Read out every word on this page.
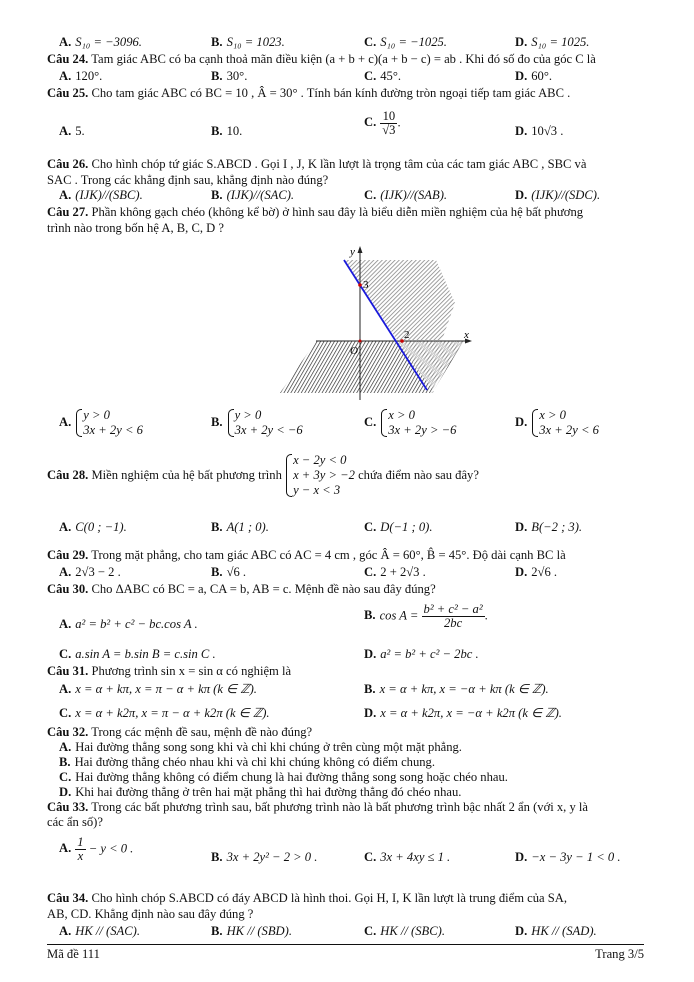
A. S₁₀ = −3096.	B. S₁₀ = 1023.	C. S₁₀ = −1025.	D. S₁₀ = 1025.
Câu 24. Tam giác ABC có ba cạnh thoả mãn điều kiện (a + b + c)(a + b − c) = ab . Khi đó số đo của góc C là
A. 120°.	B. 30°.	C. 45°.	D. 60°.
Câu 25. Cho tam giác ABC có BC = 10 , Â = 30° . Tính bán kính đường tròn ngoại tiếp tam giác ABC .
A. 5.	B. 10.
C. $\frac{10}{√3}$ .
D. 10√3 .
Câu 26. Cho hình chóp tứ giác S.ABCD . Gọi I , J, K lần lượt là trọng tâm của các tam giác ABC , SBC và
SAC . Trong các khẳng định sau, khẳng định nào đúng?
A. (IJK)//(SBC).	B. (IJK)//(SAC).	C. (IJK)//(SAB).	D. (IJK)//(SDC).
Câu 27. Phần không gạch chéo (không kể bờ) ở hình sau đây là biểu diễn miền nghiệm của hệ bất phương
trình nào trong bốn hệ A, B, C, D ?
y
x
O
3
2
A. y > 0
3x + 2y < 6
B. y > 0
3x + 2y < −6
C. x > 0
3x + 2y > −6
D. x > 0
3x + 2y < 6
Câu 28. Miền nghiệm của hệ bất phương trình
x − 2y < 0
x + 3y > −2
y − x < 3
chứa điểm nào sau đây?
A. C(0 ; −1).	B. A(1 ; 0).	C. D(−1 ; 0).	D. B(−2 ; 3).
Câu 29. Trong mặt phẳng, cho tam giác ABC có AC = 4 cm , góc Â = 60°, B̂ = 45°. Độ dài cạnh BC là
A. 2√3 − 2 .	B. √6 .	C. 2 + 2√3 .	D. 2√6 .
Câu 30. Cho ΔABC có BC = a, CA = b, AB = c. Mệnh đề nào sau đây đúng?
A. a² = b² + c² − bc.cos A .
B. $\cos A = \frac{\text{b² + c² − a²}}{2bc}$ .
C. a.sin A = b.sin B = c.sin C .	D. a² = b² + c² − 2bc .
Câu 31. Phương trình sin x = sin α có nghiệm là
A. x = α + kπ, x = π − α + kπ (k ∈ ℤ).	B. x = α + kπ, x = −α + kπ (k ∈ ℤ).
C. x = α + k2π, x = π − α + k2π (k ∈ ℤ).	D. x = α + k2π, x = −α + k2π (k ∈ ℤ).
Câu 32. Trong các mệnh đề sau, mệnh đề nào đúng?
A. Hai đường thẳng song song khi và chỉ khi chúng ở trên cùng một mặt phẳng.
B. Hai đường thẳng chéo nhau khi và chỉ khi chúng không có điểm chung.
C. Hai đường thẳng không có điểm chung là hai đường thẳng song song hoặc chéo nhau.
D. Khi hai đường thẳng ở trên hai mặt phẳng thì hai đường thẳng đó chéo nhau.
Câu 33. Trong các bất phương trình sau, bất phương trình nào là bất phương trình bậc nhất 2 ẩn (với x, y là
các ẩn số)?
A. $\frac{1}{x} - y < 0$ .
B. 3x + 2y² − 2 > 0 .	C. 3x + 4xy ≤ 1 .	D. −x − 3y − 1 < 0 .
Câu 34. Cho hình chóp S.ABCD có đáy ABCD là hình thoi. Gọi H, I, K lần lượt là trung điểm của SA,
AB, CD. Khẳng định nào sau đây đúng ?
A. HK // (SAC).	B. HK // (SBD).	C. HK // (SBC).	D. HK // (SAD).
Mã đề 111	Trang 3/5
